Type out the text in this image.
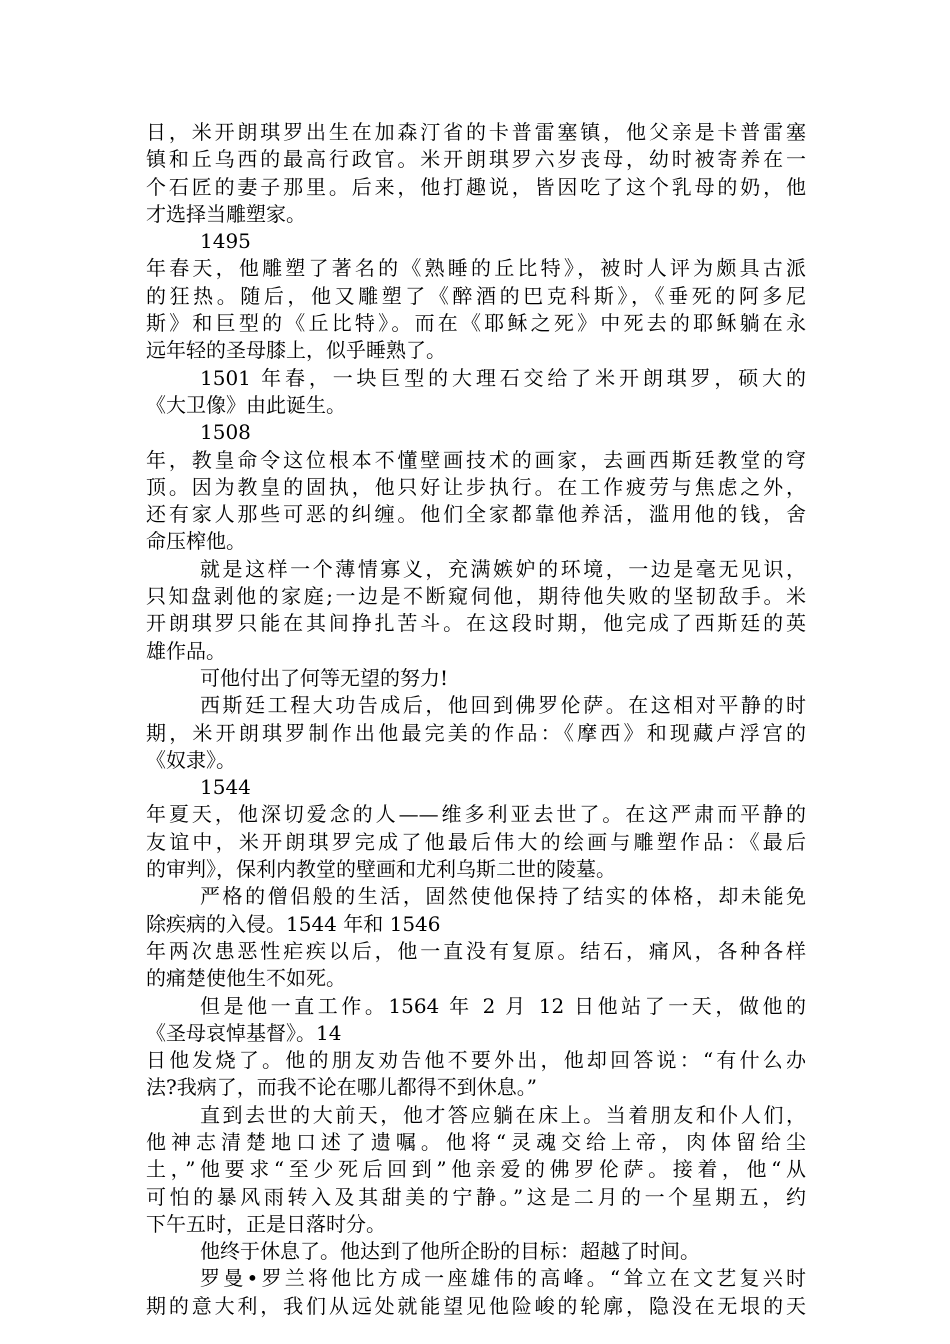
日，米开朗琪罗出生在加森汀省的卡普雷塞镇，他父亲是卡普雷塞
镇和丘乌西的最高行政官。米开朗琪罗六岁丧母，幼时被寄养在一
个石匠的妻子那里。后来，他打趣说，皆因吃了这个乳母的奶，他
才选择当雕塑家。
1495
年春天，他雕塑了著名的《熟睡的丘比特》，被时人评为颇具古派
的狂热。随后，他又雕塑了《醉酒的巴克科斯》，《垂死的阿多尼
斯》和巨型的《丘比特》。而在《耶稣之死》中死去的耶稣躺在永
远年轻的圣母膝上，似乎睡熟了。
1501 年春，一块巨型的大理石交给了米开朗琪罗，硕大的
《大卫像》由此诞生。
1508
年，教皇命令这位根本不懂壁画技术的画家，去画西斯廷教堂的穹
顶。因为教皇的固执，他只好让步执行。在工作疲劳与焦虑之外，
还有家人那些可恶的纠缠。他们全家都靠他养活，滥用他的钱，舍
命压榨他。
就是这样一个薄情寡义，充满嫉妒的环境，一边是毫无见识，
只知盘剥他的家庭;一边是不断窥伺他，期待他失败的坚韧敌手。米
开朗琪罗只能在其间挣扎苦斗。在这段时期，他完成了西斯廷的英
雄作品。
可他付出了何等无望的努力!
西斯廷工程大功告成后，他回到佛罗伦萨。在这相对平静的时
期，米开朗琪罗制作出他最完美的作品：《摩西》和现藏卢浮宫的
《奴隶》。
1544
年夏天，他深切爱念的人——维多利亚去世了。在这严肃而平静的
友谊中，米开朗琪罗完成了他最后伟大的绘画与雕塑作品：《最后
的审判》，保利内教堂的壁画和尤利乌斯二世的陵墓。
严格的僧侣般的生活，固然使他保持了结实的体格，却未能免
除疾病的入侵。1544 年和 1546
年两次患恶性疟疾以后，他一直没有复原。结石，痛风，各种各样
的痛楚使他生不如死。
但是他一直工作。1564 年 2 月 12 日他站了一天，做他的
《圣母哀悼基督》。14
日他发烧了。他的朋友劝告他不要外出，他却回答说：“有什么办
法?我病了，而我不论在哪儿都得不到休息。”
直到去世的大前天，他才答应躺在床上。当着朋友和仆人们，
他神志清楚地口述了遗嘱。他将“灵魂交给上帝，肉体留给尘
土，”他要求“至少死后回到”他亲爱的佛罗伦萨。接着，他“从
可怕的暴风雨转入及其甜美的宁静。”这是二月的一个星期五，约
下午五时，正是日落时分。
他终于休息了。他达到了他所企盼的目标：超越了时间。
罗曼•罗兰将他比方成一座雄伟的高峰。“耸立在文艺复兴时
期的意大利，我们从远处就能望见他险峻的轮廓，隐没在无垠的天
